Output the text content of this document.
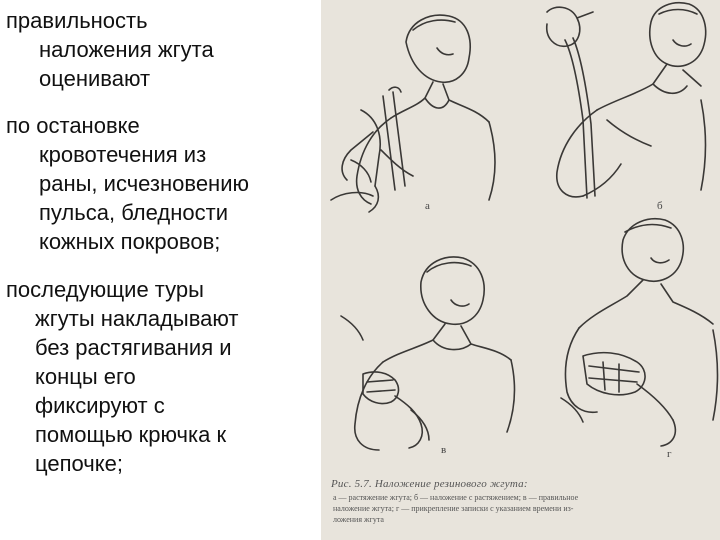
правильность
наложения жгута
оценивают

по остановке
кровотечения из
раны, исчезновению
пульса, бледности
кожных покровов;

последующие туры
жгуты накладывают
без растягивания и
концы его
фиксируют с
помощью крючка к
цепочке;

а	б
в	г
Рис. 5.7. Наложение резинового жгута:
а — растяжение жгута; б — наложение с растяжением; в — правильное
наложение жгута; г — прикрепление записки с указанием времени из-
ложения жгута
